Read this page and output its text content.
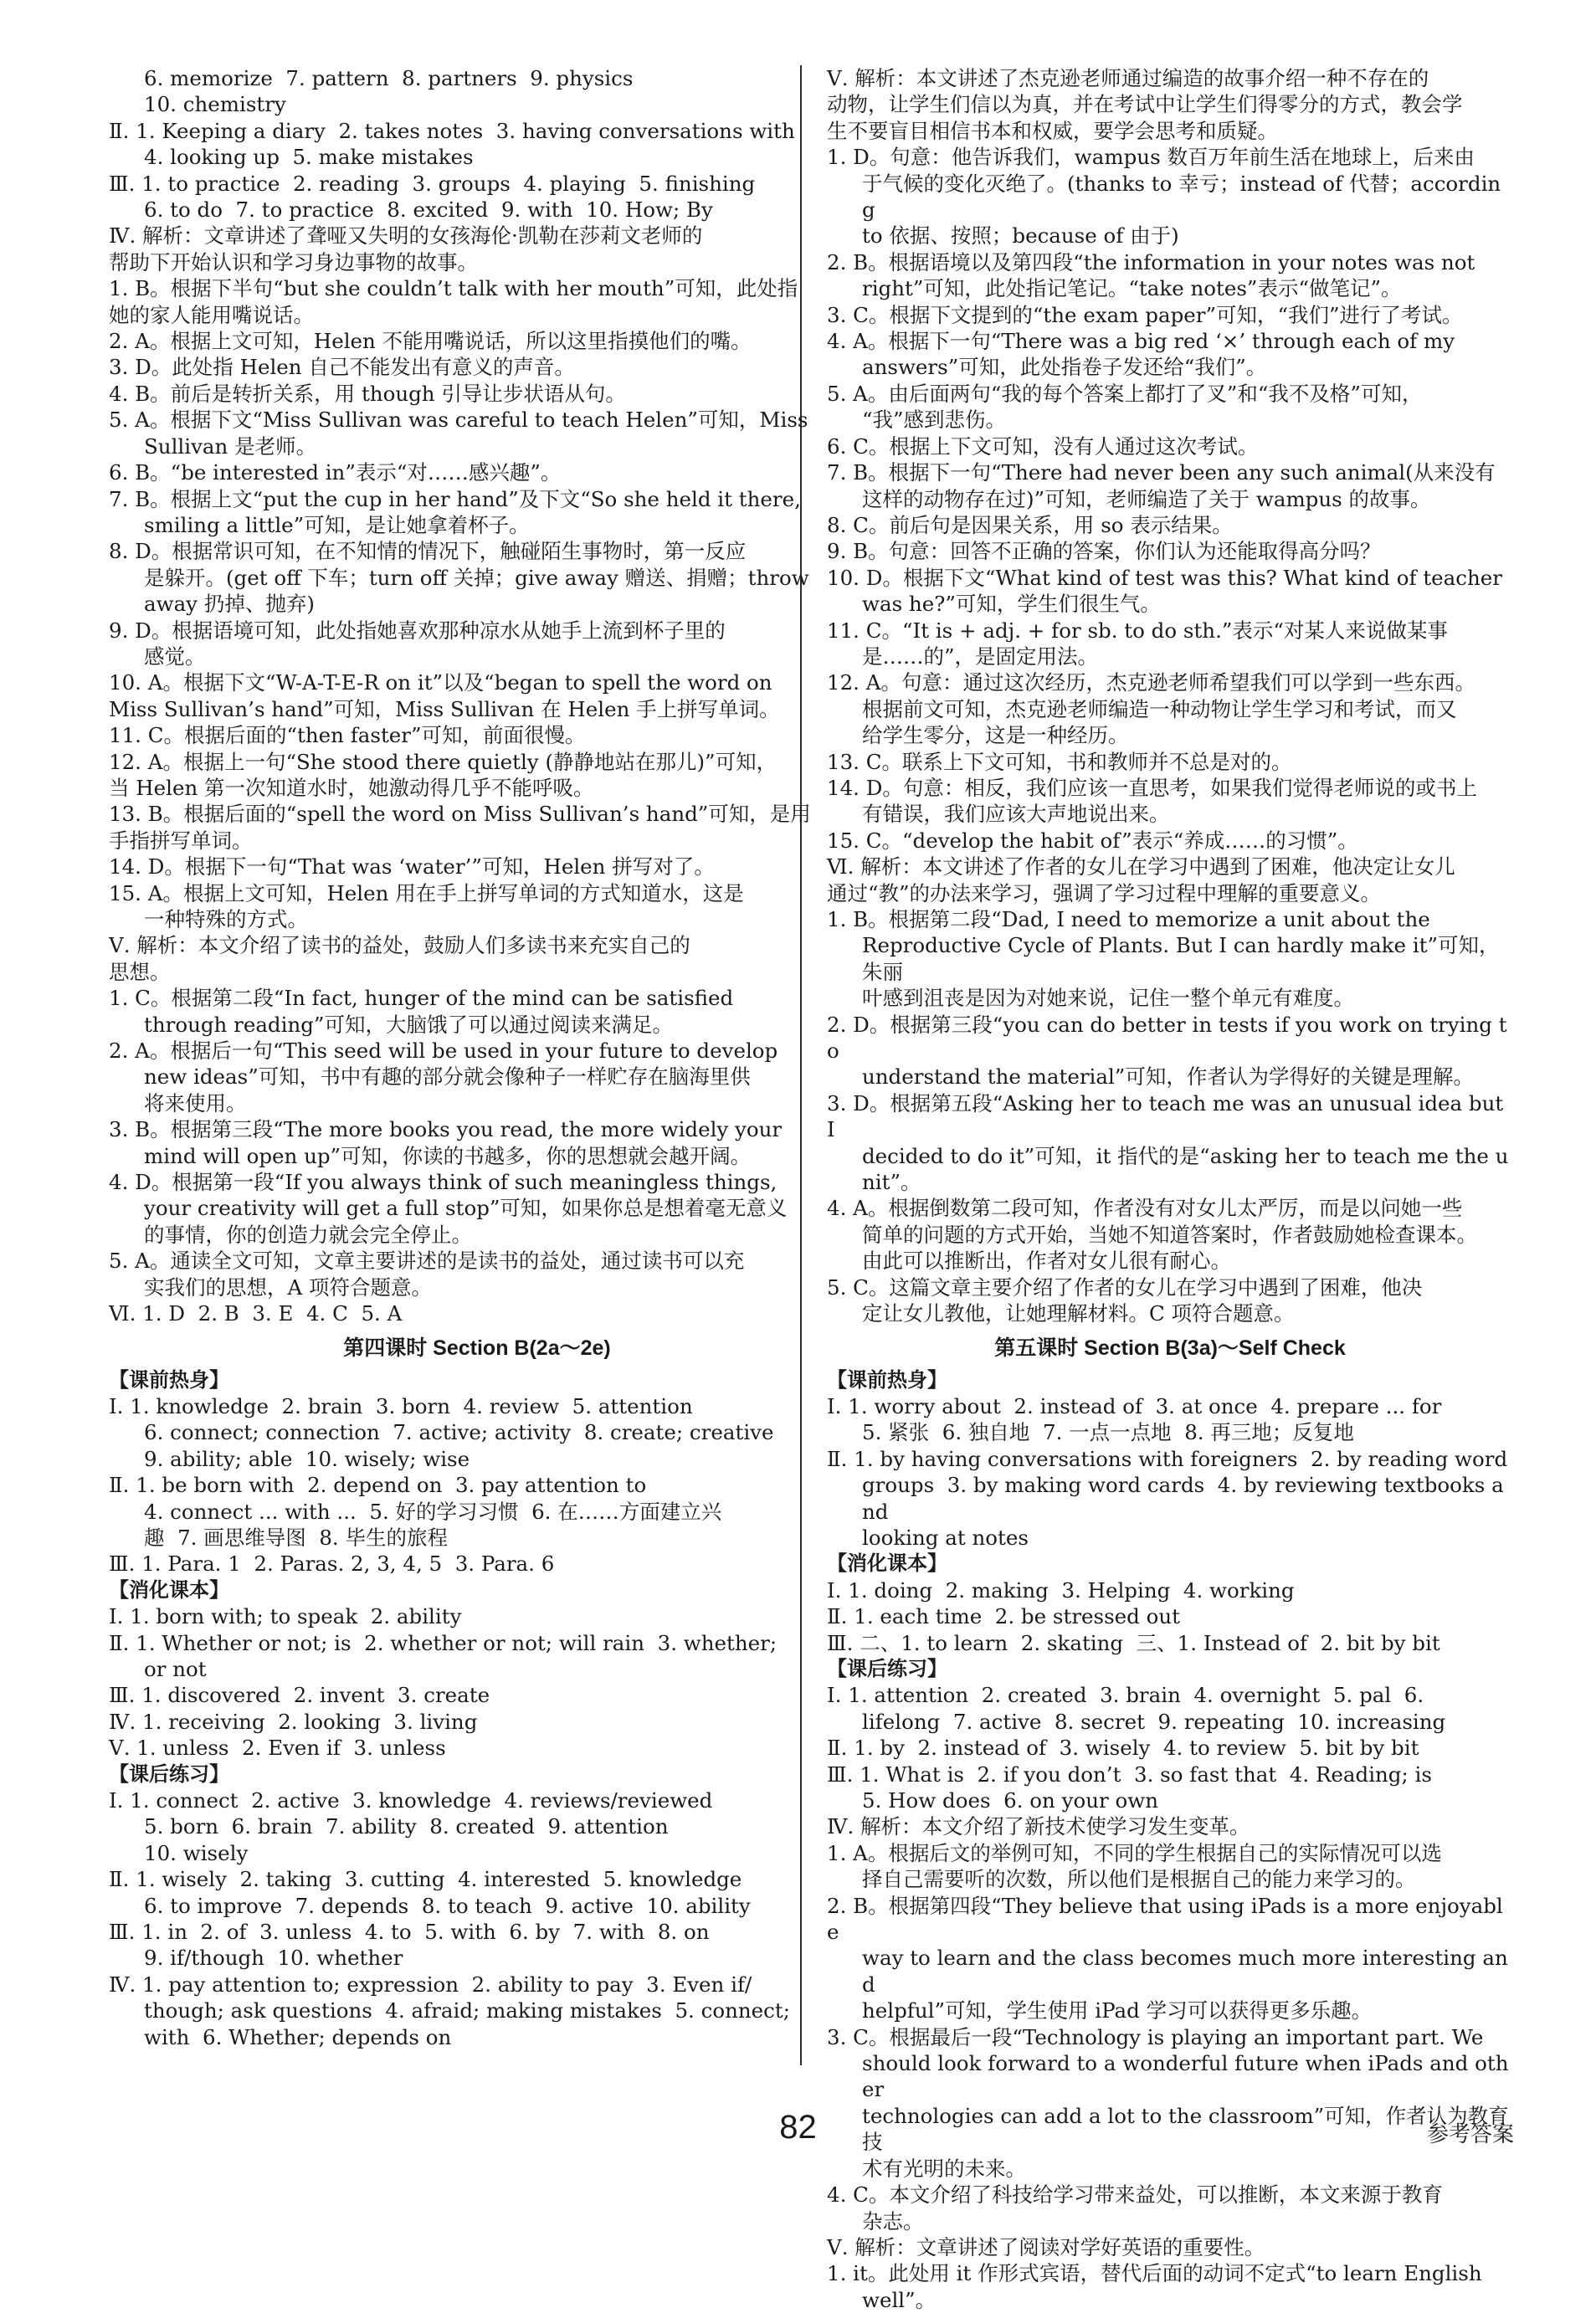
6. memorize  7. pattern  8. partners  9. physics

10. chemistry

Ⅱ. 1. Keeping a diary  2. takes notes  3. having conversations with

4. looking up  5. make mistakes

Ⅲ. 1. to practice  2. reading  3. groups  4. playing  5. finishing

6. to do  7. to practice  8. excited  9. with  10. How; By

Ⅳ. 解析：文章讲述了聋哑又失明的女孩海伦·凯勒在莎莉文老师的

帮助下开始认识和学习身边事物的故事。

1. B。根据下半句“but she couldn’t talk with her mouth”可知，此处指

她的家人能用嘴说话。

2. A。根据上文可知，Helen 不能用嘴说话，所以这里指摸他们的嘴。

3. D。此处指 Helen 自己不能发出有意义的声音。

4. B。前后是转折关系，用 though 引导让步状语从句。

5. A。根据下文“Miss Sullivan was careful to teach Helen”可知，Miss

Sullivan 是老师。

6. B。“be interested in”表示“对……感兴趣”。

7. B。根据上文“put the cup in her hand”及下文“So she held it there,

smiling a little”可知，是让她拿着杯子。

8. D。根据常识可知，在不知情的情况下，触碰陌生事物时，第一反应

是躲开。(get off 下车；turn off 关掉；give away 赠送、捐赠；throw

away 扔掉、抛弃)

9. D。根据语境可知，此处指她喜欢那种凉水从她手上流到杯子里的

感觉。

10. A。根据下文“W-A-T-E-R on it”以及“began to spell the word on

Miss Sullivan’s hand”可知，Miss Sullivan 在 Helen 手上拼写单词。

11. C。根据后面的“then faster”可知，前面很慢。

12. A。根据上一句“She stood there quietly (静静地站在那儿)”可知，

当 Helen 第一次知道水时，她激动得几乎不能呼吸。

13. B。根据后面的“spell the word on Miss Sullivan’s hand”可知，是用

手指拼写单词。

14. D。根据下一句“That was ‘water’”可知，Helen 拼写对了。

15. A。根据上文可知，Helen 用在手上拼写单词的方式知道水，这是

一种特殊的方式。

Ⅴ. 解析：本文介绍了读书的益处，鼓励人们多读书来充实自己的

思想。

1. C。根据第二段“In fact, hunger of the mind can be satisfied

through reading”可知，大脑饿了可以通过阅读来满足。

2. A。根据后一句“This seed will be used in your future to develop

new ideas”可知，书中有趣的部分就会像种子一样贮存在脑海里供

将来使用。

3. B。根据第三段“The more books you read, the more widely your

mind will open up”可知，你读的书越多，你的思想就会越开阔。

4. D。根据第一段“If you always think of such meaningless things,

your creativity will get a full stop”可知，如果你总是想着毫无意义

的事情，你的创造力就会完全停止。

5. A。通读全文可知，文章主要讲述的是读书的益处，通过读书可以充

实我们的思想，A 项符合题意。

Ⅵ. 1. D  2. B  3. E  4. C  5. A

第四课时 Section B(2a～2e)

【课前热身】

Ⅰ. 1. knowledge  2. brain  3. born  4. review  5. attention

6. connect; connection  7. active; activity  8. create; creative

9. ability; able  10. wisely; wise

Ⅱ. 1. be born with  2. depend on  3. pay attention to

4. connect ... with ...  5. 好的学习习惯  6. 在……方面建立兴

趣  7. 画思维导图  8. 毕生的旅程

Ⅲ. 1. Para. 1  2. Paras. 2, 3, 4, 5  3. Para. 6

【消化课本】

Ⅰ. 1. born with; to speak  2. ability

Ⅱ. 1. Whether or not; is  2. whether or not; will rain  3. whether;

or not

Ⅲ. 1. discovered  2. invent  3. create

Ⅳ. 1. receiving  2. looking  3. living

Ⅴ. 1. unless  2. Even if  3. unless

【课后练习】

Ⅰ. 1. connect  2. active  3. knowledge  4. reviews/reviewed

5. born  6. brain  7. ability  8. created  9. attention

10. wisely

Ⅱ. 1. wisely  2. taking  3. cutting  4. interested  5. knowledge

6. to improve  7. depends  8. to teach  9. active  10. ability

Ⅲ. 1. in  2. of  3. unless  4. to  5. with  6. by  7. with  8. on

9. if/though  10. whether

Ⅳ. 1. pay attention to; expression  2. ability to pay  3. Even if/

though; ask questions  4. afraid; making mistakes  5. connect;

with  6. Whether; depends on

Ⅴ. 解析：本文讲述了杰克逊老师通过编造的故事介绍一种不存在的

动物，让学生们信以为真，并在考试中让学生们得零分的方式，教会学

生不要盲目相信书本和权威，要学会思考和质疑。

1. D。句意：他告诉我们，wampus 数百万年前生活在地球上，后来由

于气候的变化灭绝了。(thanks to 幸亏；instead of 代替；according

to 依据、按照；because of 由于)

2. B。根据语境以及第四段“the information in your notes was not

right”可知，此处指记笔记。“take notes”表示“做笔记”。

3. C。根据下文提到的“the exam paper”可知，“我们”进行了考试。

4. A。根据下一句“There was a big red ‘×’ through each of my

answers”可知，此处指卷子发还给“我们”。

5. A。由后面两句“我的每个答案上都打了叉”和“我不及格”可知，

“我”感到悲伤。

6. C。根据上下文可知，没有人通过这次考试。

7. B。根据下一句“There had never been any such animal(从来没有

这样的动物存在过)”可知，老师编造了关于 wampus 的故事。

8. C。前后句是因果关系，用 so 表示结果。

9. B。句意：回答不正确的答案，你们认为还能取得高分吗？

10. D。根据下文“What kind of test was this? What kind of teacher

was he?”可知，学生们很生气。

11. C。“It is + adj. + for sb. to do sth.”表示“对某人来说做某事

是……的”，是固定用法。

12. A。句意：通过这次经历，杰克逊老师希望我们可以学到一些东西。

根据前文可知，杰克逊老师编造一种动物让学生学习和考试，而又

给学生零分，这是一种经历。

13. C。联系上下文可知，书和教师并不总是对的。

14. D。句意：相反，我们应该一直思考，如果我们觉得老师说的或书上

有错误，我们应该大声地说出来。

15. C。“develop the habit of”表示“养成……的习惯”。

Ⅵ. 解析：本文讲述了作者的女儿在学习中遇到了困难，他决定让女儿

通过“教”的办法来学习，强调了学习过程中理解的重要意义。

1. B。根据第二段“Dad, I need to memorize a unit about the

Reproductive Cycle of Plants. But I can hardly make it”可知，朱丽

叶感到沮丧是因为对她来说，记住一整个单元有难度。

2. D。根据第三段“you can do better in tests if you work on trying to

understand the material”可知，作者认为学得好的关键是理解。

3. D。根据第五段“Asking her to teach me was an unusual idea but I

decided to do it”可知，it 指代的是“asking her to teach me the unit”。

4. A。根据倒数第二段可知，作者没有对女儿太严厉，而是以问她一些

简单的问题的方式开始，当她不知道答案时，作者鼓励她检查课本。

由此可以推断出，作者对女儿很有耐心。

5. C。这篇文章主要介绍了作者的女儿在学习中遇到了困难，他决

定让女儿教他，让她理解材料。C 项符合题意。

第五课时 Section B(3a)～Self Check

【课前热身】

Ⅰ. 1. worry about  2. instead of  3. at once  4. prepare ... for

5. 紧张  6. 独自地  7. 一点一点地  8. 再三地；反复地

Ⅱ. 1. by having conversations with foreigners  2. by reading word

groups  3. by making word cards  4. by reviewing textbooks and

looking at notes

【消化课本】

Ⅰ. 1. doing  2. making  3. Helping  4. working

Ⅱ. 1. each time  2. be stressed out

Ⅲ. 二、1. to learn  2. skating  三、1. Instead of  2. bit by bit

【课后练习】

Ⅰ. 1. attention  2. created  3. brain  4. overnight  5. pal  6.

lifelong  7. active  8. secret  9. repeating  10. increasing

Ⅱ. 1. by  2. instead of  3. wisely  4. to review  5. bit by bit

Ⅲ. 1. What is  2. if you don’t  3. so fast that  4. Reading; is

5. How does  6. on your own

Ⅳ. 解析：本文介绍了新技术使学习发生变革。

1. A。根据后文的举例可知，不同的学生根据自己的实际情况可以选

择自己需要听的次数，所以他们是根据自己的能力来学习的。

2. B。根据第四段“They believe that using iPads is a more enjoyable

way to learn and the class becomes much more interesting and

helpful”可知，学生使用 iPad 学习可以获得更多乐趣。

3. C。根据最后一段“Technology is playing an important part. We

should look forward to a wonderful future when iPads and other

technologies can add a lot to the classroom”可知，作者认为教育技

术有光明的未来。

4. C。本文介绍了科技给学习带来益处，可以推断，本文来源于教育

杂志。

Ⅴ. 解析：文章讲述了阅读对学好英语的重要性。

1. it。此处用 it 作形式宾语，替代后面的动词不定式“to learn English

well”。

82	参考答案
